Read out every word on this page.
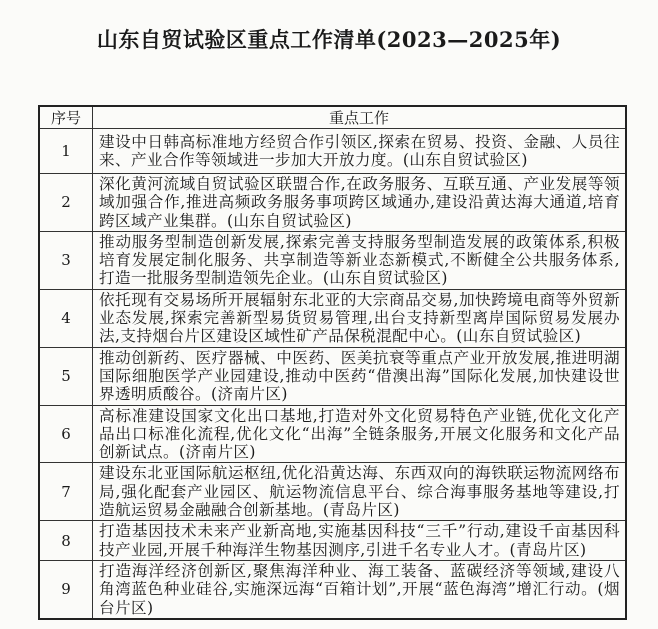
山东自贸试验区重点工作清单(2023—2025年)
序号	重点工作
1	建设中日韩高标准地方经贸合作引领区,探索在贸易、投资、金融、人员往来、产业合作等领域进一步加大开放力度。(山东自贸试验区)
2	深化黄河流域自贸试验区联盟合作,在政务服务、互联互通、产业发展等领域加强合作,推进高频政务服务事项跨区域通办,建设沿黄达海大通道,培育跨区域产业集群。(山东自贸试验区)
3	推动服务型制造创新发展,探索完善支持服务型制造发展的政策体系,积极培育发展定制化服务、共享制造等新业态新模式,不断健全公共服务体系,打造一批服务型制造领先企业。(山东自贸试验区)
4	依托现有交易场所开展辐射东北亚的大宗商品交易,加快跨境电商等外贸新业态发展,探索完善新型易货贸易管理,出台支持新型离岸国际贸易发展办法,支持烟台片区建设区域性矿产品保税混配中心。(山东自贸试验区)
5	推动创新药、医疗器械、中医药、医美抗衰等重点产业开放发展,推进明湖国际细胞医学产业园建设,推动中医药“借澳出海”国际化发展,加快建设世界透明质酸谷。(济南片区)
6	高标准建设国家文化出口基地,打造对外文化贸易特色产业链,优化文化产品出口标准化流程,优化文化“出海”全链条服务,开展文化服务和文化产品创新试点。(济南片区)
7	建设东北亚国际航运枢纽,优化沿黄达海、东西双向的海铁联运物流网络布局,强化配套产业园区、航运物流信息平台、综合海事服务基地等建设,打造航运贸易金融融合创新基地。(青岛片区)
8	打造基因技术未来产业新高地,实施基因科技“三千”行动,建设千亩基因科技产业园,开展千种海洋生物基因测序,引进千名专业人才。(青岛片区)
9	打造海洋经济创新区,聚焦海洋种业、海工装备、蓝碳经济等领域,建设八角湾蓝色种业硅谷,实施深远海“百箱计划”,开展“蓝色海湾”增汇行动。(烟台片区)
